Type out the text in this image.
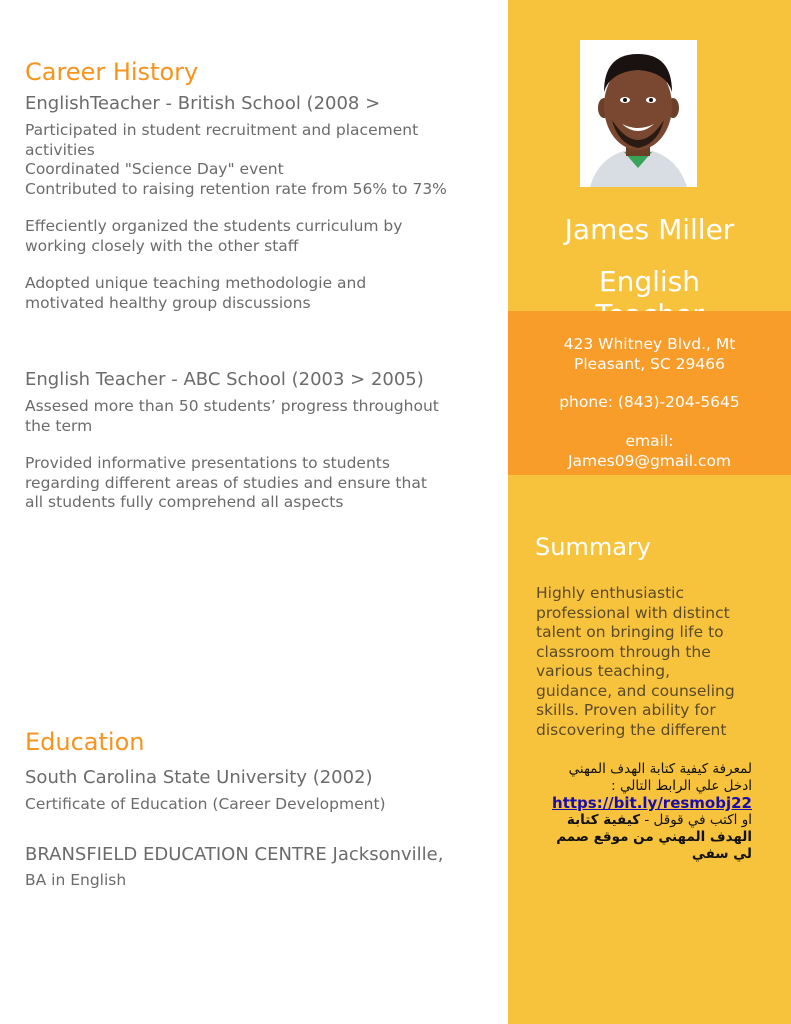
Career History
EnglishTeacher - British School (2008 >
Participated in student recruitment and placement
activities
Coordinated "Science Day" event
Contributed to raising retention rate from 56% to 73%
Effeciently organized the students curriculum by
working closely with the other staff
Adopted unique teaching methodologie and
motivated healthy group discussions
English Teacher - ABC School (2003 > 2005)
Assesed more than 50 students’ progress throughout
the term
Provided informative presentations to students
regarding different areas of studies and ensure that
all students fully comprehend all aspects
Education
South Carolina State University (2002)
Certificate of Education (Career Development)
BRANSFIELD EDUCATION CENTRE Jacksonville,
BA in English
James Miller
English
423 Whitney Blvd., Mt
Pleasant, SC 29466
phone: (843)-204-5645
email:
James09@gmail.com
Summary
Highly enthusiastic
professional with distinct
talent on bringing life to
classroom through the
various teaching,
guidance, and counseling
skills. Proven ability for
discovering the different
لمعرفة كيفية كتابة الهدف المهني
ادخل علي الرابط التالي :
https://bit.ly/resmobj22
او اكتب في قوقل - كيفية كتابة
الهدف المهني من موقع صمم
لي سفي
